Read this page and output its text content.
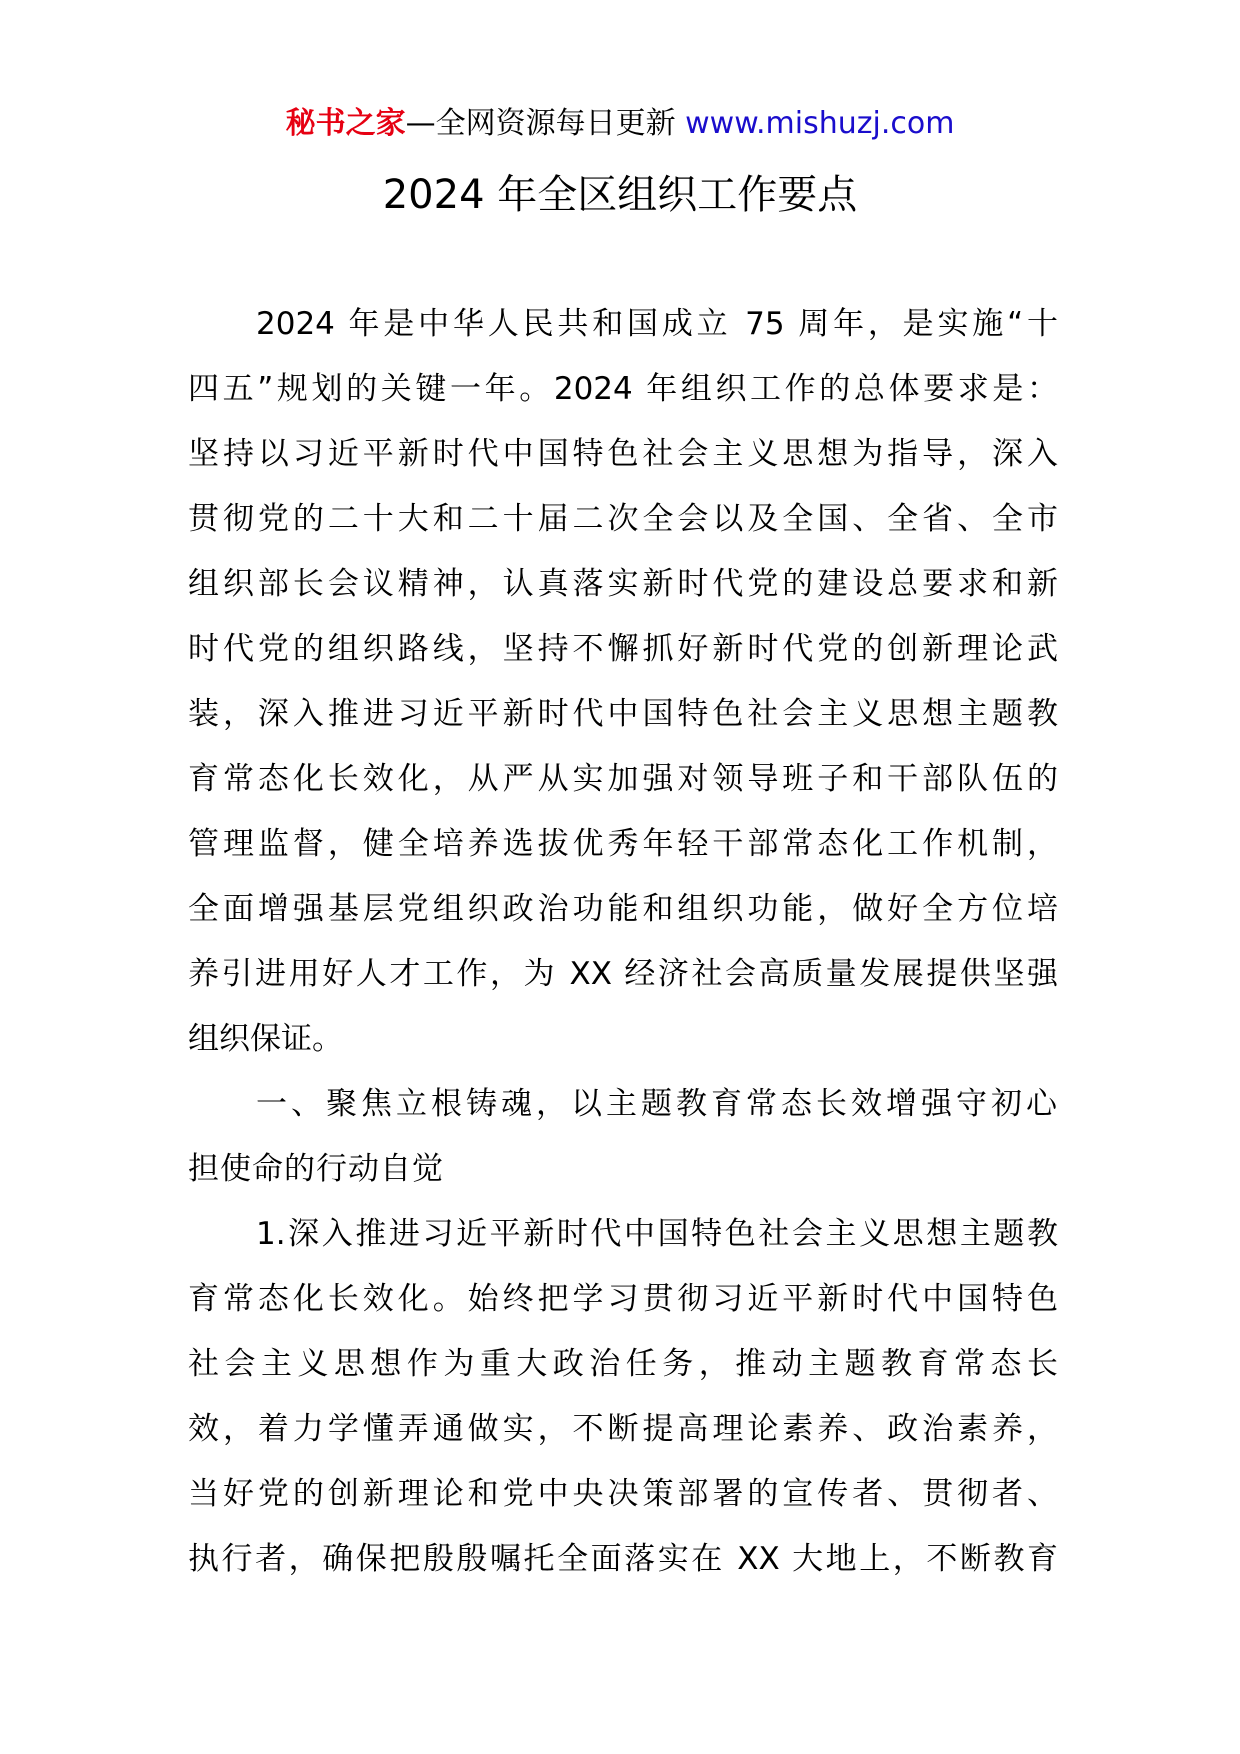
秘书之家—全网资源每日更新 www.mishuzj.com
2024 年全区组织工作要点
2024 年是中华人民共和国成立 75 周年，是实施“十
四五”规划的关键一年。2024 年组织工作的总体要求是：
坚持以习近平新时代中国特色社会主义思想为指导，深入
贯彻党的二十大和二十届二次全会以及全国、全省、全市
组织部长会议精神，认真落实新时代党的建设总要求和新
时代党的组织路线，坚持不懈抓好新时代党的创新理论武
装，深入推进习近平新时代中国特色社会主义思想主题教
育常态化长效化，从严从实加强对领导班子和干部队伍的
管理监督，健全培养选拔优秀年轻干部常态化工作机制，
全面增强基层党组织政治功能和组织功能，做好全方位培
养引进用好人才工作，为 XX 经济社会高质量发展提供坚强
组织保证。
一、聚焦立根铸魂，以主题教育常态长效增强守初心
担使命的行动自觉
1.深入推进习近平新时代中国特色社会主义思想主题教
育常态化长效化。始终把学习贯彻习近平新时代中国特色
社会主义思想作为重大政治任务，推动主题教育常态长
效，着力学懂弄通做实，不断提高理论素养、政治素养，
当好党的创新理论和党中央决策部署的宣传者、贯彻者、
执行者，确保把殷殷嘱托全面落实在 XX 大地上，不断教育
